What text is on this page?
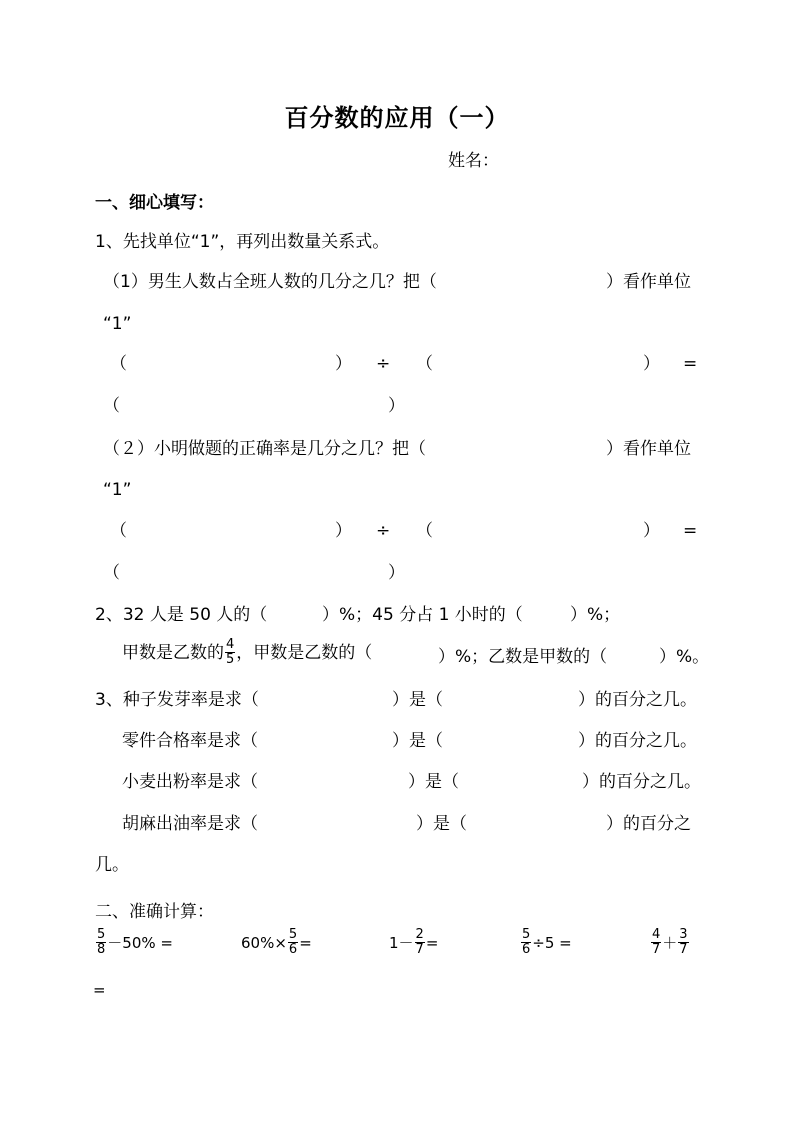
百分数的应用（一）
姓名：
一、细心填写：
1、先找单位“1”，再列出数量关系式。
（1）男生人数占全班人数的几分之几？把（	）看作单位
“1”
（	） ÷ （	） =
（	）
（２）小明做题的正确率是几分之几？把（	）看作单位
“1”
（	） ÷ （	） =
（	）
2、32 人是 50 人的（	）%；45 分占 1 小时的（	）%；
甲数是乙数的 $\frac{4}{5}$ ，甲数是乙数的（	）%；乙数是甲数的（	）%。
3、种子发芽率是求（	）是（	）的百分之几。
零件合格率是求（	）是（	）的百分之几。
小麦出粉率是求（	）是（	）的百分之几。
胡麻出油率是求（	）是（	）的百分之
几。
二、准确计算：
$\frac{5}{8} -50\%$ =	$60\%\times \frac{5}{6}$ =	$1- \frac{2}{7}$ =	$\frac{5}{6} \div 5$ =	$\frac{4}{7} + \frac{3}{7}$
=
